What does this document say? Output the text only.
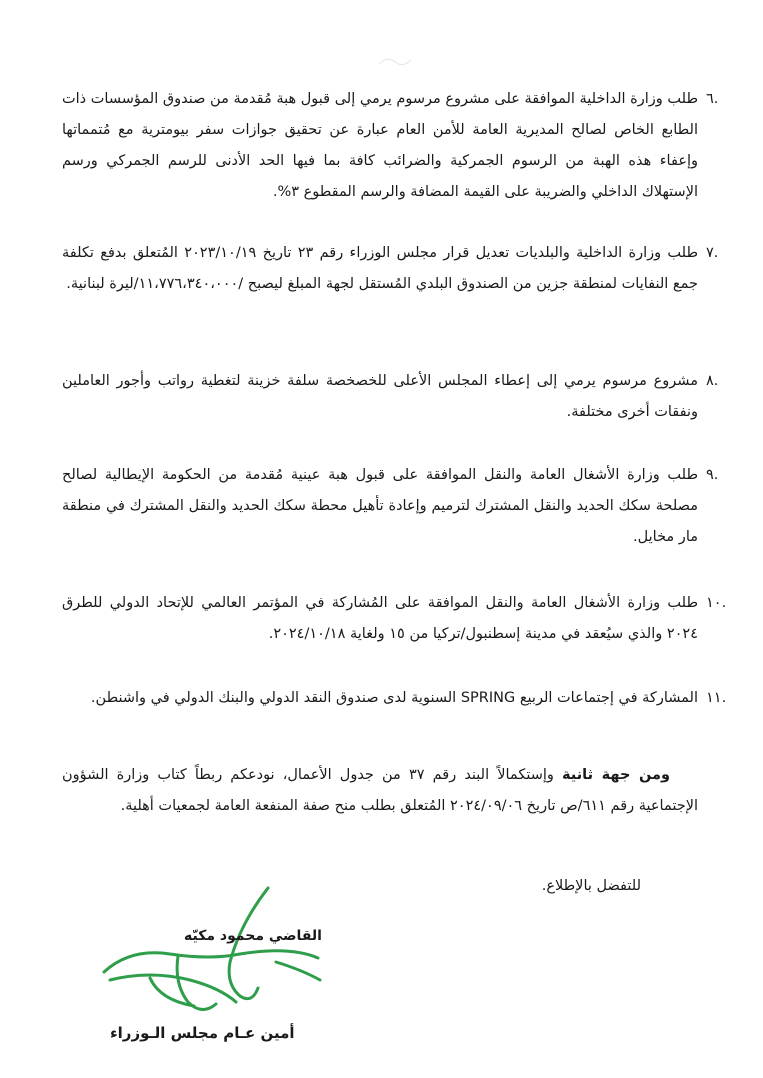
.٦
طلب وزارة الداخلية الموافقة على مشروع مرسوم يرمي إلى قبول هبة مُقدمة من صندوق المؤسسات ذات الطابع الخاص لصالح المديرية العامة للأمن العام عبارة عن تحقيق جوازات سفر بيومترية مع مُتمماتها وإعفاء هذه الهبة من الرسوم الجمركية والضرائب كافة بما فيها الحد الأدنى للرسم الجمركي ورسم الإستهلاك الداخلي والضريبة على القيمة المضافة والرسم المقطوع ٣%.
.٧
طلب وزارة الداخلية والبلديات تعديل قرار مجلس الوزراء رقم ٢٣ تاريخ ٢٠٢٣/١٠/١٩ المُتعلق بدفع تكلفة جمع النفايات لمنطقة جزين من الصندوق البلدي المُستقل لجهة المبلغ ليصبح /١١،٧٧٦،٣٤٠،٠٠٠/ليرة لبنانية.
.٨
مشروع مرسوم يرمي إلى إعطاء المجلس الأعلى للخصخصة سلفة خزينة لتغطية رواتب وأجور العاملين ونفقات أخرى مختلفة.
.٩
طلب وزارة الأشغال العامة والنقل الموافقة على قبول هبة عينية مُقدمة من الحكومة الإيطالية لصالح مصلحة سكك الحديد والنقل المشترك لترميم وإعادة تأهيل محطة سكك الحديد والنقل المشترك في منطقة مار مخايل.
.١٠
طلب وزارة الأشغال العامة والنقل الموافقة على المُشاركة في المؤتمر العالمي للإتحاد الدولي للطرق ٢٠٢٤ والذي سيُعقد في مدينة إسطنبول/تركيا من ١٥ ولغاية ٢٠٢٤/١٠/١٨.
.١١
المشاركة في إجتماعات الربيع SPRING السنوية لدى صندوق النقد الدولي والبنك الدولي في واشنطن.
ومن جهة ثانية وإستكمالاً البند رقم ٣٧ من جدول الأعمال، نودعكم ربطاً كتاب وزارة الشؤون الإجتماعية رقم ٦١١/ص تاريخ ٢٠٢٤/٠٩/٠٦ المُتعلق بطلب منح صفة المنفعة العامة لجمعيات أهلية.
للتفضل بالإطلاع.
القاضي محمود مكيّه
أمين عـام مجلس الـوزراء
